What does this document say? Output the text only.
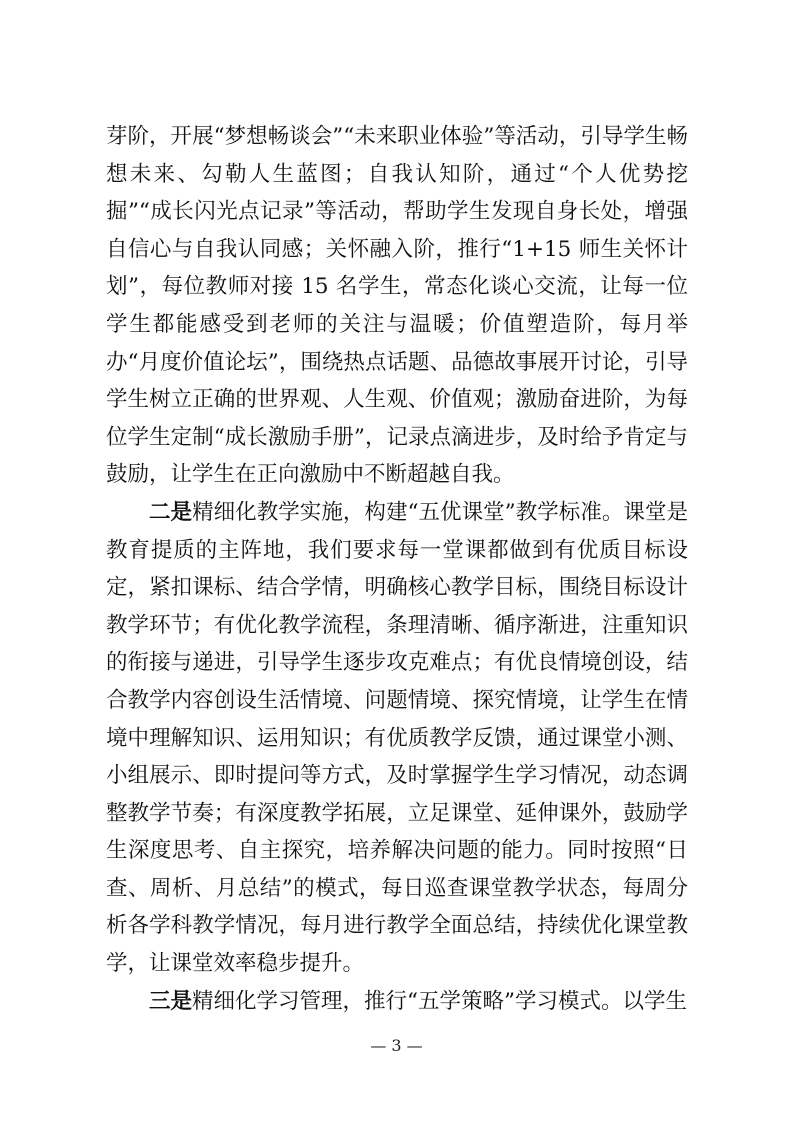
芽阶，开展“梦想畅谈会”“未来职业体验”等活动，引导学生畅想未来、勾勒人生蓝图；自我认知阶，通过“个人优势挖掘”“成长闪光点记录”等活动，帮助学生发现自身长处，增强自信心与自我认同感；关怀融入阶，推行“1+15 师生关怀计划”，每位教师对接 15 名学生，常态化谈心交流，让每一位学生都能感受到老师的关注与温暖；价值塑造阶，每月举办“月度价值论坛”，围绕热点话题、品德故事展开讨论，引导学生树立正确的世界观、人生观、价值观；激励奋进阶，为每位学生定制“成长激励手册”，记录点滴进步，及时给予肯定与鼓励，让学生在正向激励中不断超越自我。

二是精细化教学实施，构建“五优课堂”教学标准。课堂是教育提质的主阵地，我们要求每一堂课都做到有优质目标设定，紧扣课标、结合学情，明确核心教学目标，围绕目标设计教学环节；有优化教学流程，条理清晰、循序渐进，注重知识的衔接与递进，引导学生逐步攻克难点；有优良情境创设，结合教学内容创设生活情境、问题情境、探究情境，让学生在情境中理解知识、运用知识；有优质教学反馈，通过课堂小测、小组展示、即时提问等方式，及时掌握学生学习情况，动态调整教学节奏；有深度教学拓展，立足课堂、延伸课外，鼓励学生深度思考、自主探究，培养解决问题的能力。同时按照“日查、周析、月总结”的模式，每日巡查课堂教学状态，每周分析各学科教学情况，每月进行教学全面总结，持续优化课堂教学，让课堂效率稳步提升。

三是精细化学习管理，推行“五学策略”学习模式。以学生

— 3 —
